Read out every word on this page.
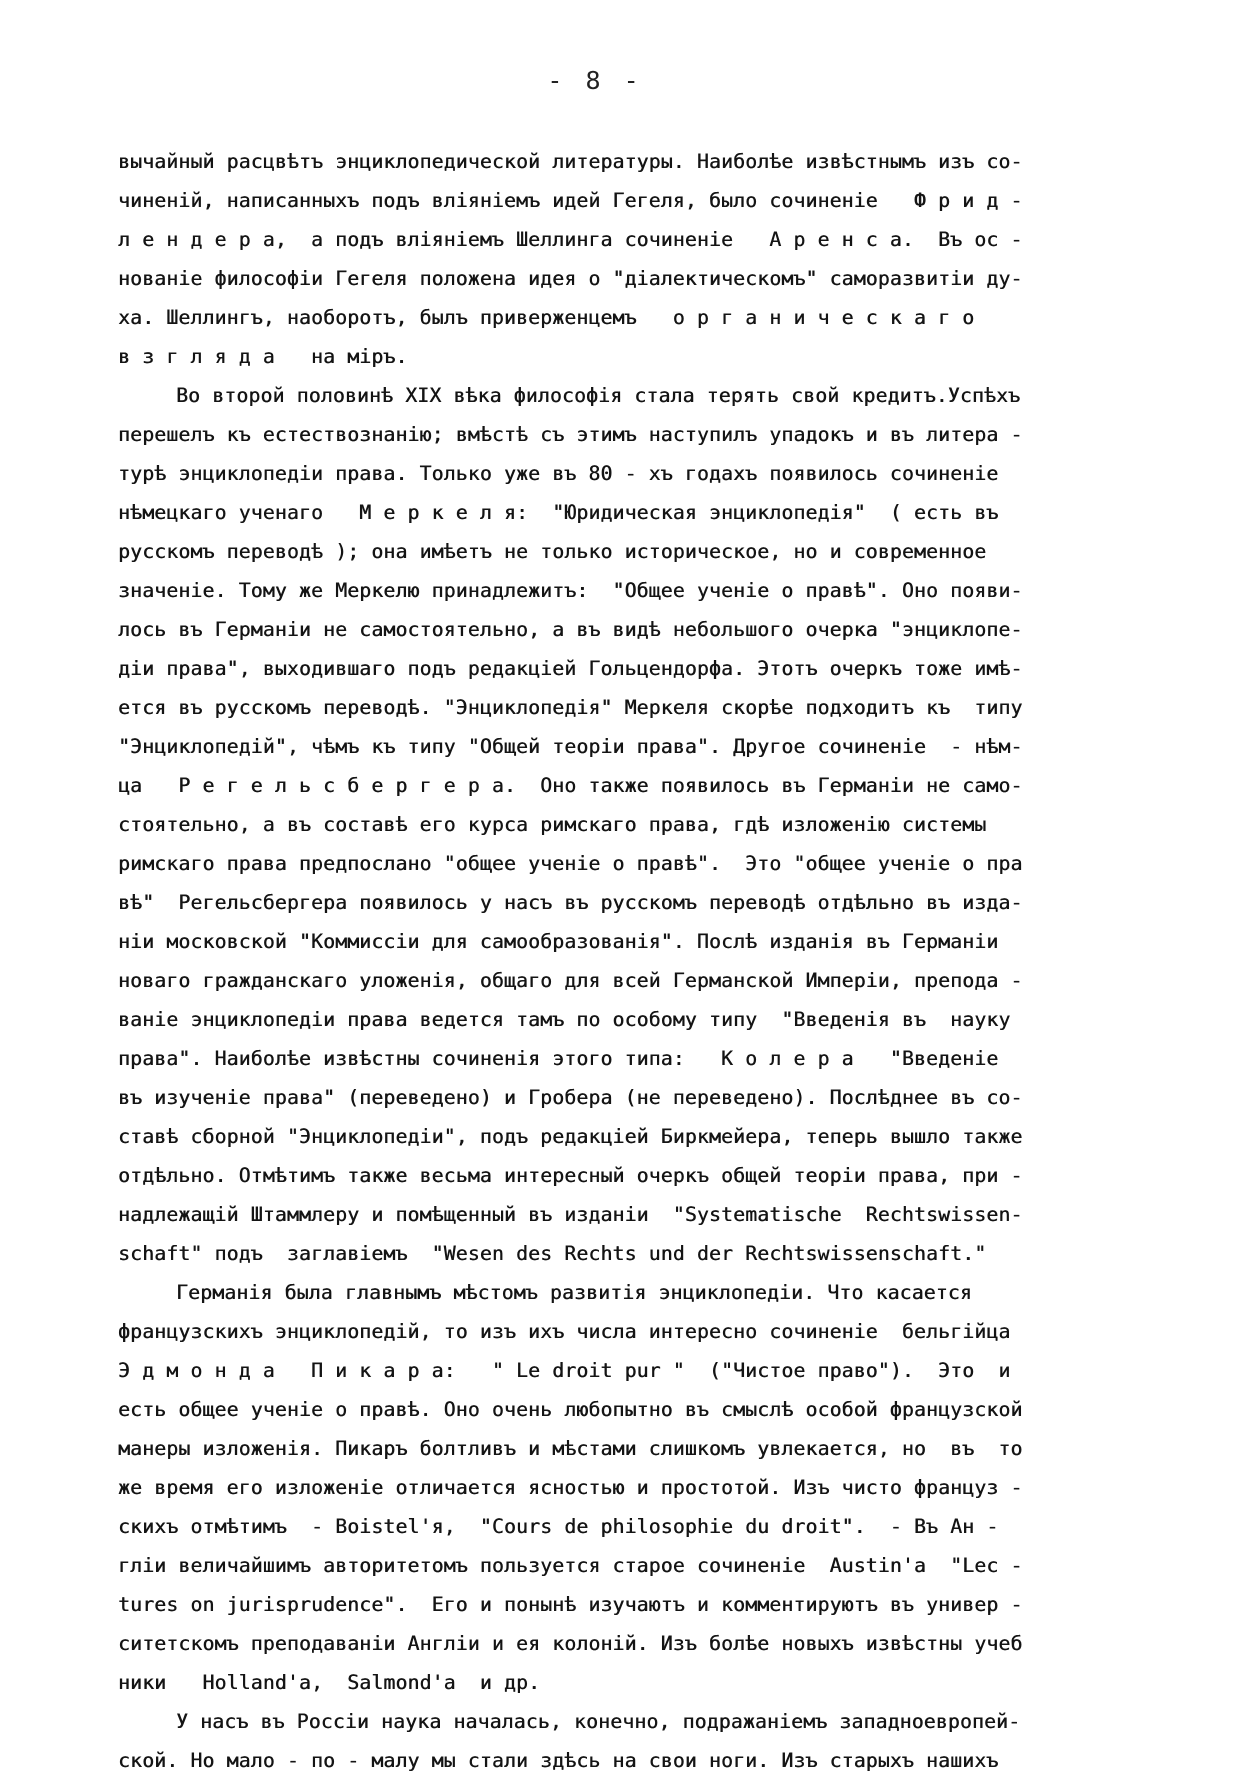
- 8 -
вычайный расцвѣтъ энциклопедической литературы. Наиболѣе извѣстнымъ изъ со-
чиненій, написанныхъ подъ вліяніемъ идей Гегеля, было сочиненіе   Ф р и д -
л е н д е р а,  а подъ вліяніемъ Шеллинга сочиненіе   А р е н с а.  Въ ос -
нованіе философіи Гегеля положена идея о "діалектическомъ" саморазвитіи ду-
ха. Шеллингъ, наоборотъ, былъ приверженцемъ   о р г а н и ч е с к а г о
в з г л я д а   на міръ.
Во второй половинѣ XIX вѣка философія стала терять свой кредитъ.Успѣхъ
перешелъ къ естествознанію; вмѣстѣ съ этимъ наступилъ упадокъ и въ литера -
турѣ энциклопедіи права. Только уже въ 80 - хъ годахъ появилось сочиненіе
нѣмецкаго ученаго   М е р к е л я:  "Юридическая энциклопедія"  ( есть въ
русскомъ переводѣ ); она имѣетъ не только историческое, но и современное
значеніе. Тому же Меркелю принадлежитъ:  "Общее ученіе о правѣ". Оно появи-
лось въ Германіи не самостоятельно, а въ видѣ небольшого очерка "энциклопе-
діи права", выходившаго подъ редакціей Гольцендорфа. Этотъ очеркъ тоже имѣ-
ется въ русскомъ переводѣ. "Энциклопедія" Меркеля скорѣе подходитъ къ  типу
"Энциклопедій", чѣмъ къ типу "Общей теоріи права". Другое сочиненіе  - нѣм-
ца   Р е г е л ь с б е р г е р а.  Оно также появилось въ Германіи не само-
стоятельно, а въ составѣ его курса римскаго права, гдѣ изложенію системы
римскаго права предпослано "общее ученіе о правѣ".  Это "общее ученіе о пра
вѣ"  Регельсбергера появилось у насъ въ русскомъ переводѣ отдѣльно въ изда-
ніи московской "Коммиссіи для самообразованія". Послѣ изданія въ Германіи
новаго гражданскаго уложенія, общаго для всей Германской Имперіи, препода -
ваніе энциклопедіи права ведется тамъ по особому типу  "Введенія въ  науку
права". Наиболѣе извѣстны сочиненія этого типа:   К о л е р а   "Введеніе
въ изученіе права" (переведено) и Гробера (не переведено). Послѣднее въ со-
ставѣ сборной "Энциклопедіи", подъ редакціей Биркмейера, теперь вышло также
отдѣльно. Отмѣтимъ также весьма интересный очеркъ общей теоріи права, при -
надлежащій Штаммлеру и помѣщенный въ изданіи  "Systematische  Rechtswissen-
schaft" подъ  заглавіемъ  "Wesen des Rechts und der Rechtswissenschaft."
Германія была главнымъ мѣстомъ развитія энциклопедіи. Что касается
французскихъ энциклопедій, то изъ ихъ числа интересно сочиненіе  бельгійца
Э д м о н д а   П и к а р а:   " Le droit pur "  ("Чистое право").  Это  и
есть общее ученіе о правѣ. Оно очень любопытно въ смыслѣ особой французской
манеры изложенія. Пикаръ болтливъ и мѣстами слишкомъ увлекается, но  въ  то
же время его изложеніе отличается ясностью и простотой. Изъ чисто француз -
скихъ отмѣтимъ  - Boistel'я,  "Cours de philosophie du droit".  - Въ Ан -
гліи величайшимъ авторитетомъ пользуется старое сочиненіе  Austin'а  "Lec -
tures on jurisprudence".  Его и понынѣ изучаютъ и комментируютъ въ универ -
ситетскомъ преподаваніи Англіи и ея колоній. Изъ болѣе новыхъ извѣстны учеб
ники   Holland'а,  Salmond'а  и др.
У насъ въ Россіи наука началась, конечно, подражаніемъ западноевропей-
ской. Но мало - по - малу мы стали здѣсь на свои ноги. Изъ старыхъ нашихъ
